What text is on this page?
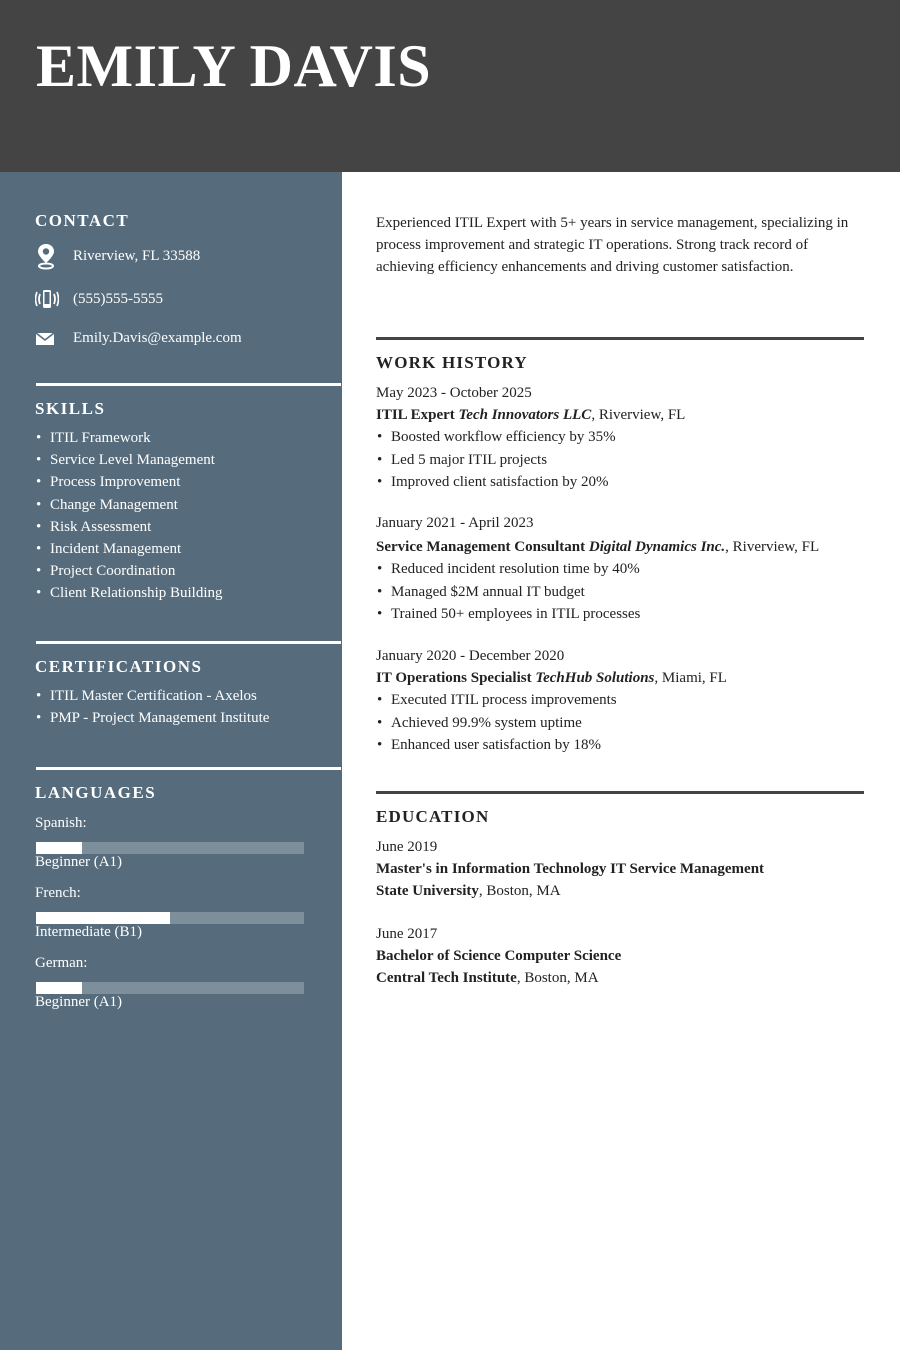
EMILY DAVIS
CONTACT
Riverview, FL 33588
(555)555-5555
Emily.Davis@example.com
SKILLS
• ITIL Framework
• Service Level Management
• Process Improvement
• Change Management
• Risk Assessment
• Incident Management
• Project Coordination
• Client Relationship Building
CERTIFICATIONS
• ITIL Master Certification - Axelos
• PMP - Project Management Institute
LANGUAGES
Spanish:
Beginner (A1)
French:
Intermediate (B1)
German:
Beginner (A1)
Experienced ITIL Expert with 5+ years in service management, specializing in process improvement and strategic IT operations. Strong track record of achieving efficiency enhancements and driving customer satisfaction.
WORK HISTORY
May 2023 - October 2025
ITIL Expert Tech Innovators LLC, Riverview, FL
• Boosted workflow efficiency by 35%
• Led 5 major ITIL projects
• Improved client satisfaction by 20%
January 2021 - April 2023
Service Management Consultant Digital Dynamics Inc., Riverview, FL
• Reduced incident resolution time by 40%
• Managed $2M annual IT budget
• Trained 50+ employees in ITIL processes
January 2020 - December 2020
IT Operations Specialist TechHub Solutions, Miami, FL
• Executed ITIL process improvements
• Achieved 99.9% system uptime
• Enhanced user satisfaction by 18%
EDUCATION
June 2019
Master's in Information Technology IT Service Management
State University, Boston, MA
June 2017
Bachelor of Science Computer Science
Central Tech Institute, Boston, MA
